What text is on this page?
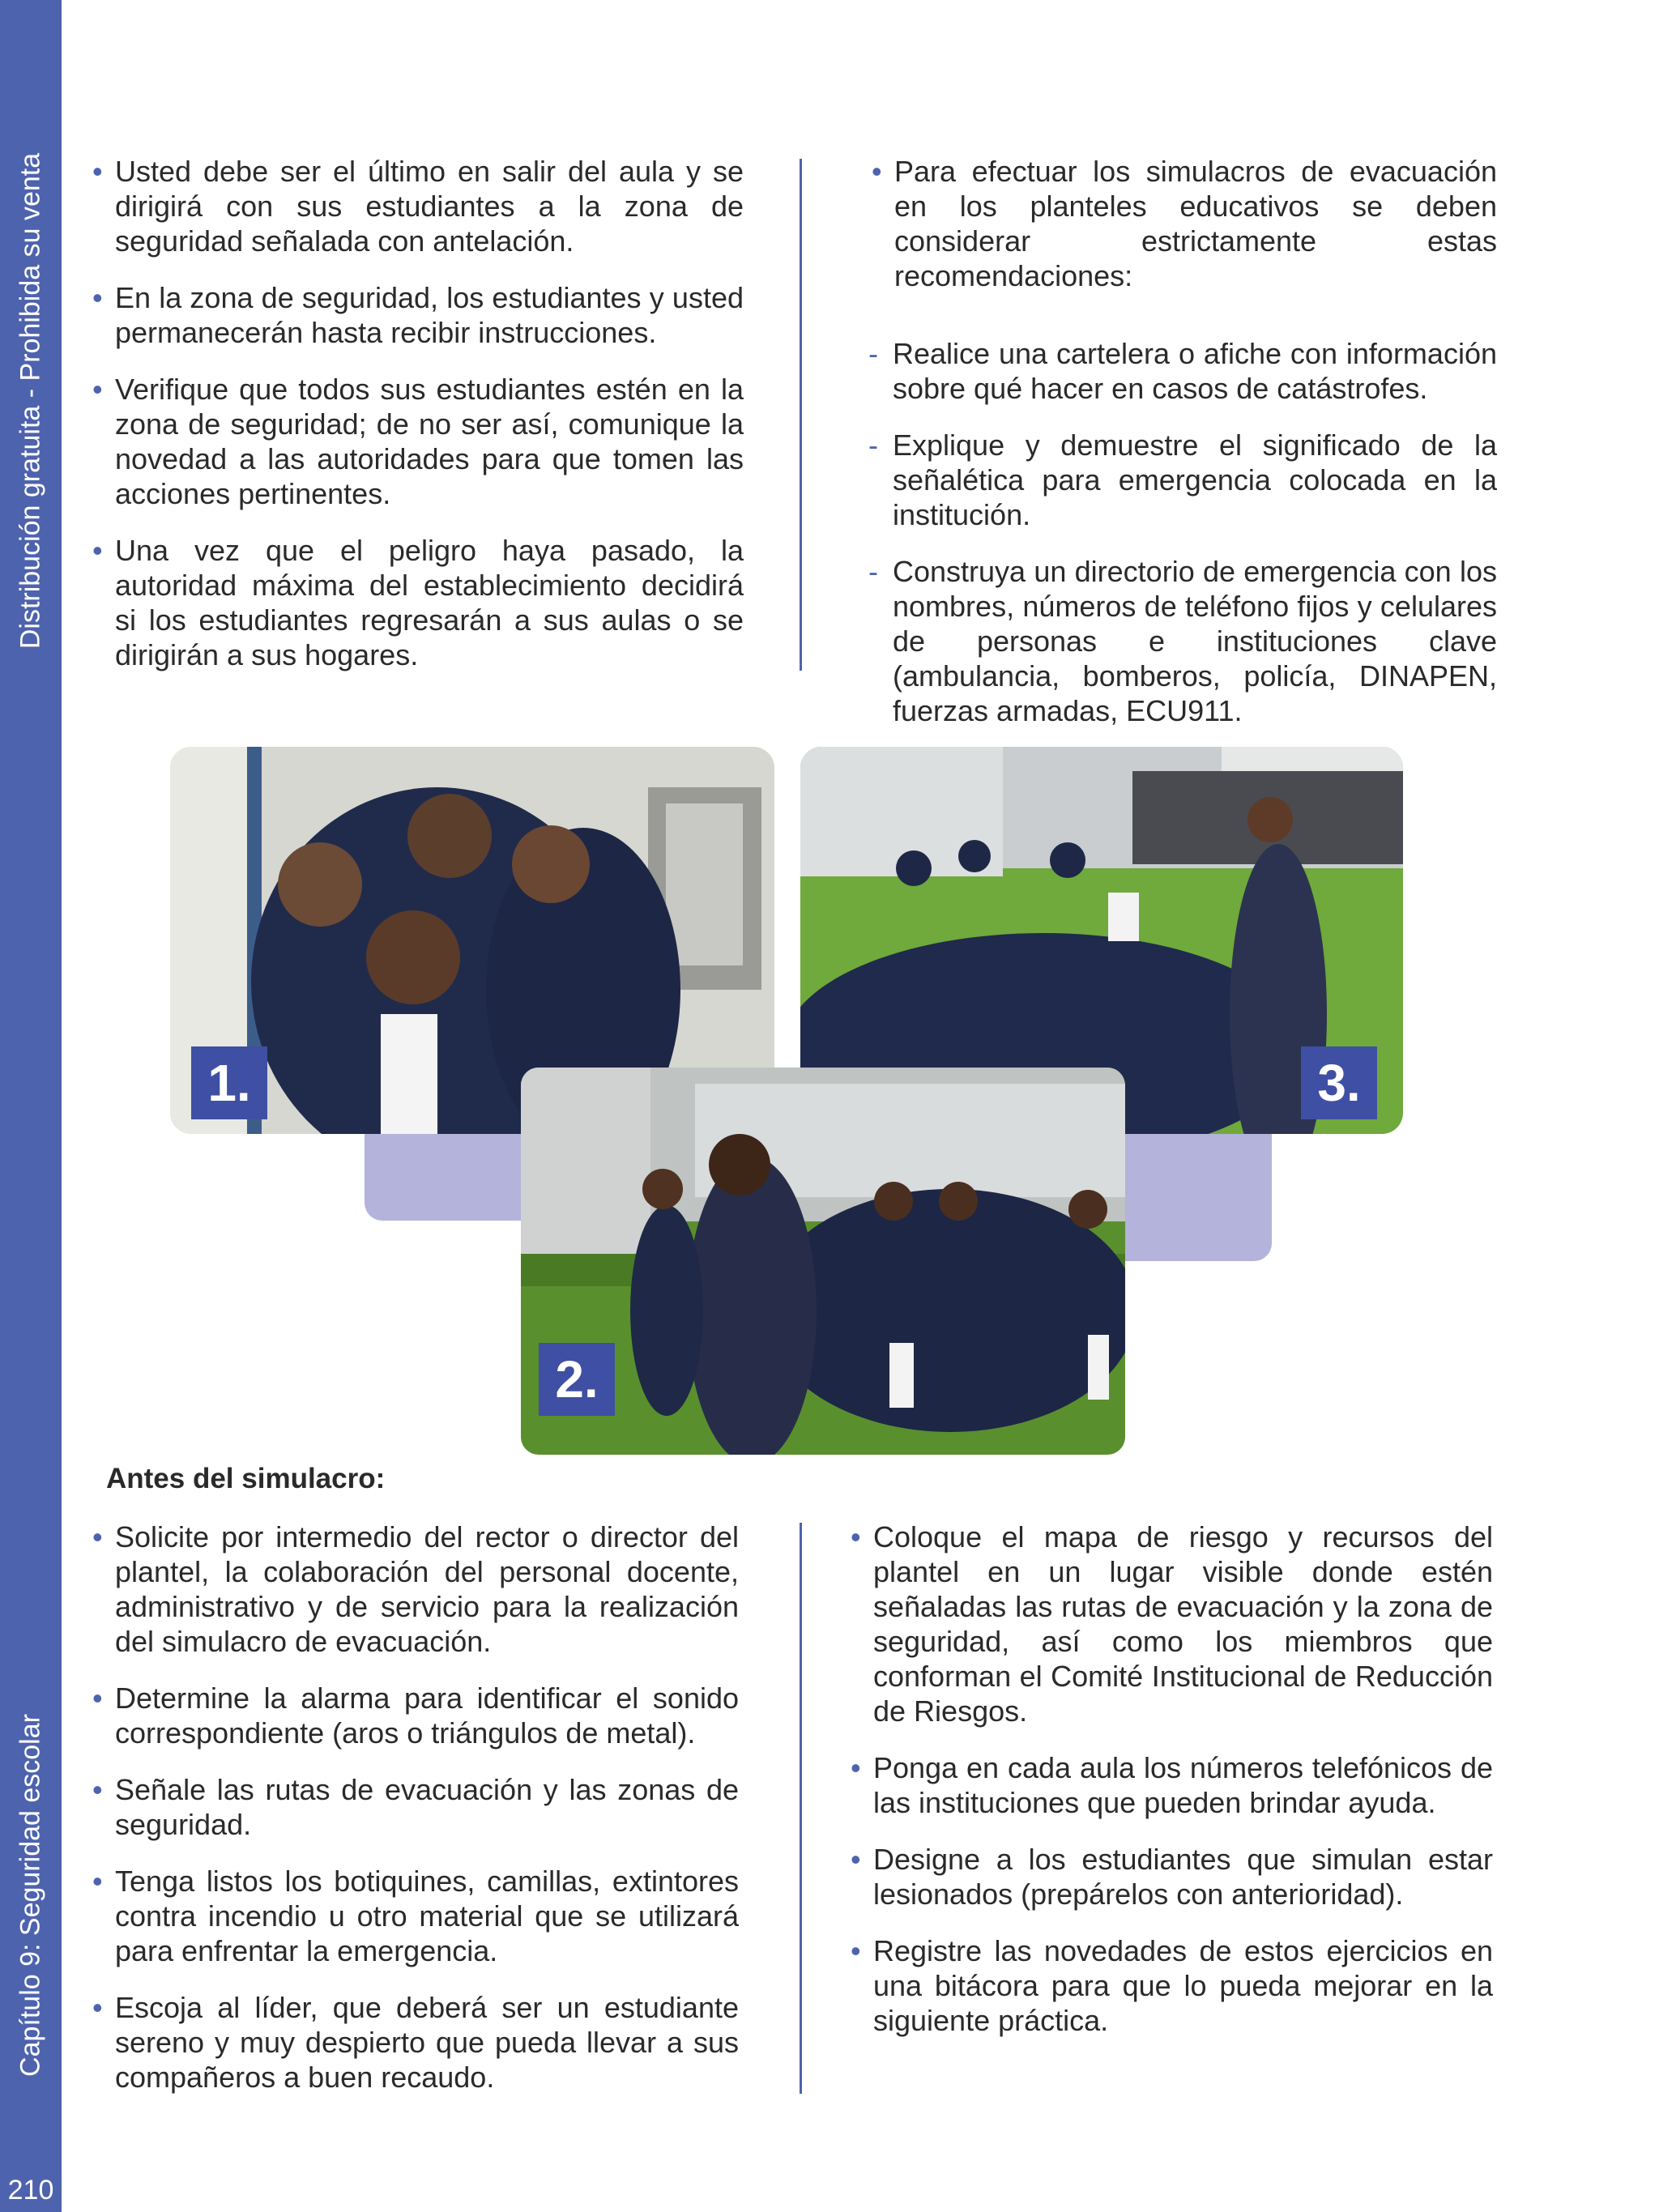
Distribución gratuita - Prohibida su venta
Capítulo 9: Seguridad escolar
210

• Usted debe ser el último en salir del aula y se dirigirá con sus estudiantes a la zona de seguridad señalada con antelación.

• En la zona de seguridad, los estudiantes y usted permanecerán hasta recibir instrucciones.

• Verifique que todos sus estudiantes estén en la zona de seguridad; de no ser así, comunique la novedad a las autoridades para que tomen las acciones pertinentes.

• Una vez que el peligro haya pasado, la autoridad máxima del establecimiento decidirá si los estudiantes regresarán a sus aulas o se dirigirán a sus hogares.

• Para efectuar los simulacros de evacuación en los planteles educativos se deben considerar estrictamente estas recomendaciones:

- Realice una cartelera o afiche con información sobre qué hacer en casos de catástrofes.

- Explique y demuestre el significado de la señalética para emergencia colocada en la institución.

- Construya un directorio de emergencia con los nombres, números de teléfono fijos y celulares de personas e instituciones clave (ambulancia, bomberos, policía, DINAPEN, fuerzas armadas, ECU911.

3.
1.
2.
Antes del simulacro:

• Solicite por intermedio del rector o director del plantel, la colaboración del personal docente, administrativo y de servicio para la realización del simulacro de evacuación.

• Determine la alarma para identificar el sonido correspondiente (aros o triángulos de metal).

• Señale las rutas de evacuación y las zonas de seguridad.

• Tenga listos los botiquines, camillas, extintores contra incendio u otro material que se utilizará para enfrentar la emergencia.

• Escoja al líder, que deberá ser un estudiante sereno y muy despierto que pueda llevar a sus compañeros a buen recaudo.

• Coloque el mapa de riesgo y recursos del plantel en un lugar visible donde estén señaladas las rutas de evacuación y la zona de seguridad, así como los miembros que conforman el Comité Institucional de Reducción de Riesgos.

• Ponga en cada aula los números telefónicos de las instituciones que pueden brindar ayuda.

• Designe a los estudiantes que simulan estar lesionados (prepárelos con anterioridad).

• Registre las novedades de estos ejercicios en una bitácora para que lo pueda mejorar en la siguiente práctica.
